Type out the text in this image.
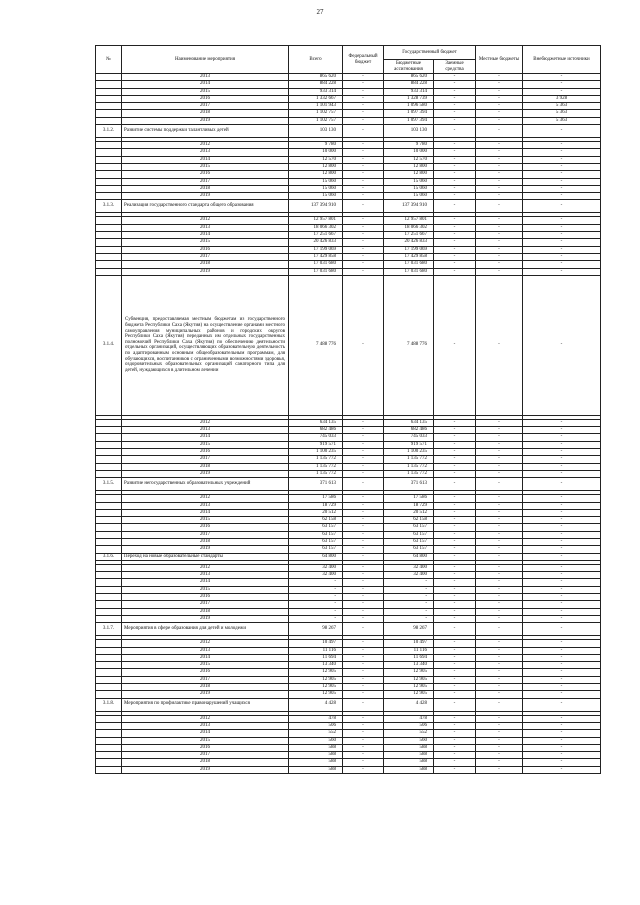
27
№	Наименование мероприятия	Всего	Федеральный бюджет	Государственный бюджет		Местные бюджеты	Внебюджетные источники
				Бюджетные ассигнования	Заемные средства		
	2013	865 620	-	865 620	-	-	-
	2014	884 228	-	884 228	-	-	-
	2015	933 314	-	933 314	-	-	-
	2016	1 332 667	-	1 328 739	-	-	3 928
	2017	1 101 943	-	1 096 580	-	-	5 363
	2018	1 102 757	-	1 097 394	-	-	5 363
	2019	1 102 757	-	1 097 394	-	-	5 363
3.1.2.	Развитие системы поддержки талантливых детей	103 130	-	103 130	-	-	-

	2012	9 780	-	9 780	-	-	-
	2013	10 000	-	10 000	-	-	-
	2014	12 570	-	12 570	-	-	-
	2015	12 800	-	12 800	-	-	-
	2016	12 800	-	12 800	-	-	-
	2017	15 060	-	15 060	-	-	-
	2018	15 060	-	15 060	-	-	-
	2019	15 060	-	15 060	-	-	-
3.1.3.	Реализация государственного стандарта общего образования	137 394 910	-	137 394 910	-	-	-

	2012	12 957 801	-	12 957 801	-	-	-
	2013	18 066 302	-	18 066 302	-	-	-
	2014	17 251 667	-	17 251 667	-	-	-
	2015	20 426 833	-	20 426 833	-	-	-
	2016	17 199 069	-	17 199 069	-	-	-
	2017	17 429 858	-	17 429 858	-	-	-
	2018	17 031 680	-	17 031 680	-	-	-
	2019	17 031 680	-	17 031 680	-	-	-
3.1.4.	Субвенция, предоставляемая местным бюджетам из государственного бюджета Республики Саха (Якутия) на осуществление органами местного самоуправления муниципальных районов и городских округов Республики Саха (Якутия) переданных им отдельных государственных полномочий Республики Саха (Якутия) по обеспечению деятельности отдельных организаций, осуществляющих образовательную деятельность по адаптированным основным общеобразовательным программам, для обучающихся, воспитанников с ограниченными возможностями здоровья, оздоровительных образовательных организаций санаторного типа для детей, нуждающихся в длительном лечении	7 488 776	-	7 488 776	-	-	-

	2012	634 135	-	634 135	-	-	-
	2013	682 486	-	682 486	-	-	-
	2014	745 033	-	745 033	-	-	-
	2015	919 571	-	919 571	-	-	-
	2016	1 100 235	-	1 100 235	-	-	-
	2017	1 135 772	-	1 135 772	-	-	-
	2018	1 135 772	-	1 135 772	-	-	-
	2019	1 135 772	-	1 135 772	-	-	-
3.1.5.	Развитие негосударственных образовательных учреждений	371 613	-	371 613	-	-	-

	2012	17 586	-	17 586	-	-	-
	2013	18 729	-	18 729	-	-	-
	2014	20 512	-	20 512	-	-	-
	2015	62 158	-	62 158	-	-	-
	2016	63 157	-	63 157	-	-	-
	2017	63 157	-	63 157	-	-	-
	2018	63 157	-	63 157	-	-	-
	2019	63 157	-	63 157	-	-	-
3.1.6.	Переход на новые образовательные стандарты	64 800	-	64 800	-	-	-

	2012	32 400	-	32 400	-	-	-
	2013	32 400	-	32 400	-	-	-
	2014	-	-	-	-	-	-
	2015	-	-	-	-	-	-
	2016	-	-	-	-	-	-
	2017	-	-	-	-	-	-
	2018	-	-	-	-	-	-
	2019	-	-	-	-	-	-
3.1.7.	Мероприятия в сфере образования для детей и молодежи	98 267	-	98 267	-	-	-

	2012	10 497	-	10 497	-	-	-
	2013	11 116	-	11 116	-	-	-
	2014	11 694	-	11 694	-	-	-
	2015	13 340	-	13 340	-	-	-
	2016	12 905	-	12 905	-	-	-
	2017	12 905	-	12 905	-	-	-
	2018	12 905	-	12 905	-	-	-
	2019	12 905	-	12 905	-	-	-
3.1.8.	Мероприятия по профилактике правонарушений учащихся	4 428	-	4 428	-	-	-

	2012	478	-	478	-	-	-
	2013	506	-	506	-	-	-
	2014	552	-	552	-	-	-
	2015	560	-	560	-	-	-
	2016	588	-	588	-	-	-
	2017	588	-	588	-	-	-
	2018	588	-	588	-	-	-
	2019	588	-	588	-	-	-
